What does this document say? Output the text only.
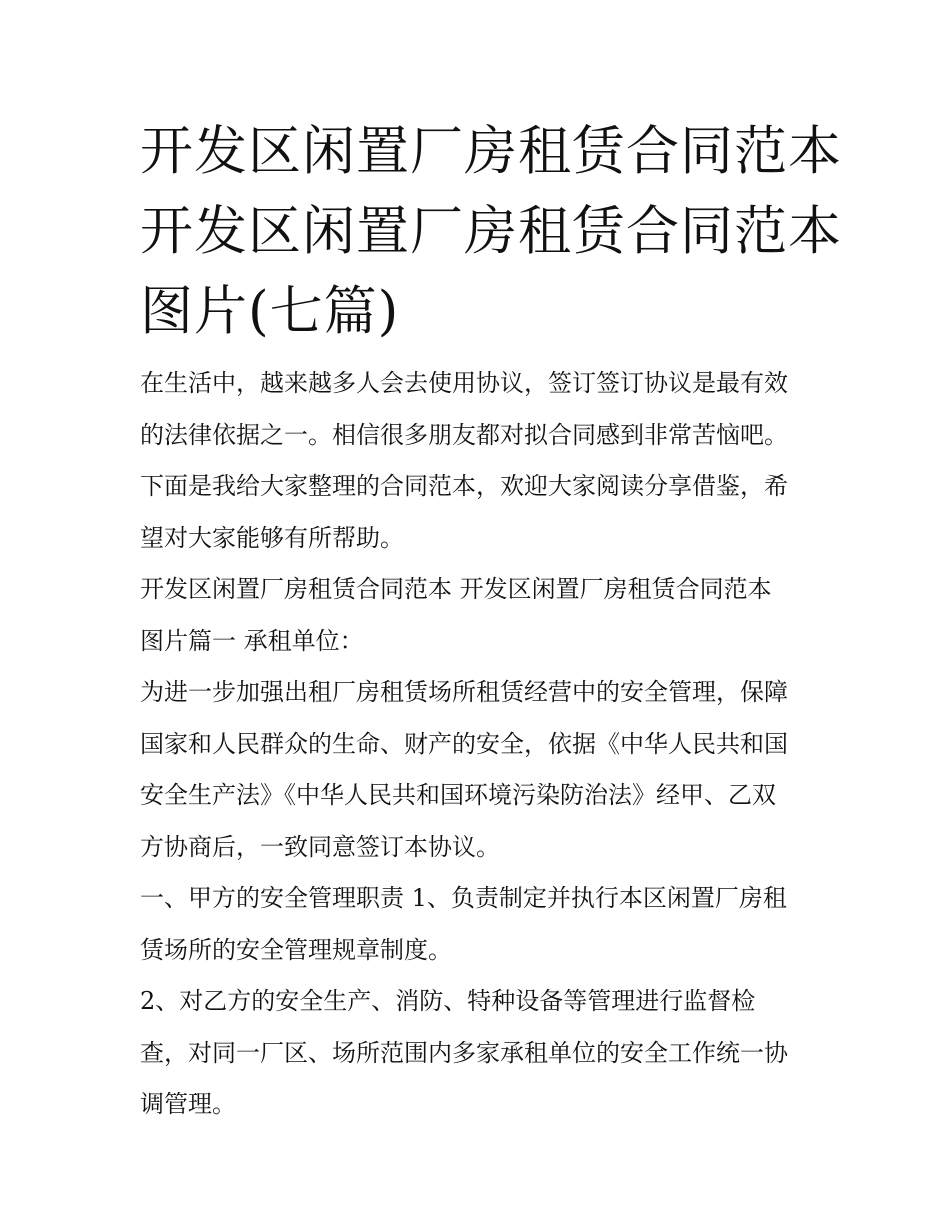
开发区闲置厂房租赁合同范本
开发区闲置厂房租赁合同范本
图片(七篇)
在生活中，越来越多人会去使用协议，签订签订协议是最有效
的法律依据之一。相信很多朋友都对拟合同感到非常苦恼吧。
下面是我给大家整理的合同范本，欢迎大家阅读分享借鉴，希
望对大家能够有所帮助。
开发区闲置厂房租赁合同范本 开发区闲置厂房租赁合同范本
图片篇一 承租单位：
为进一步加强出租厂房租赁场所租赁经营中的安全管理，保障
国家和人民群众的生命、财产的安全，依据《中华人民共和国
安全生产法》《中华人民共和国环境污染防治法》经甲、乙双
方协商后，一致同意签订本协议。
一、甲方的安全管理职责 1、负责制定并执行本区闲置厂房租
赁场所的安全管理规章制度。
2、对乙方的安全生产、消防、特种设备等管理进行监督检
查，对同一厂区、场所范围内多家承租单位的安全工作统一协
调管理。
